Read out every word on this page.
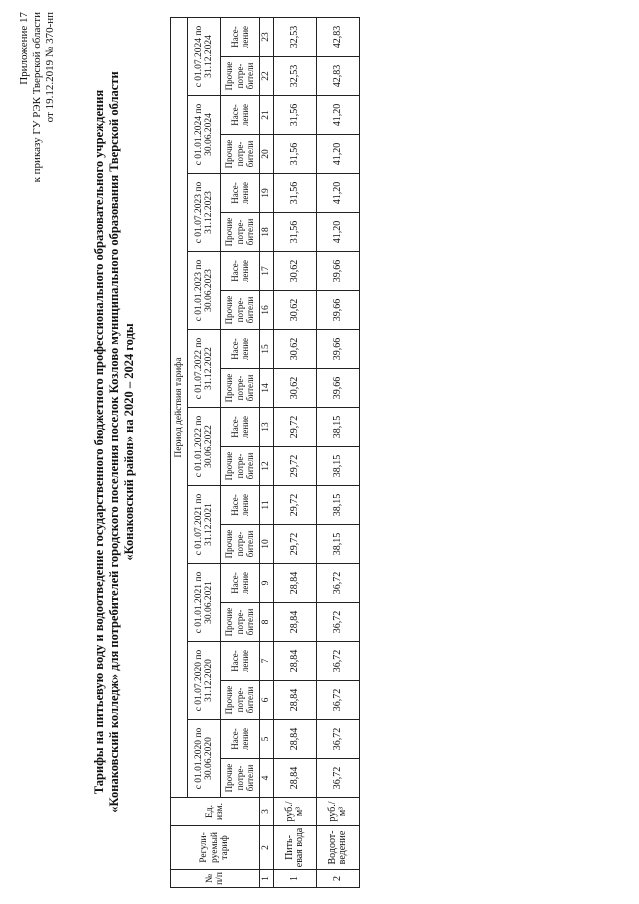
Приложение 17 к приказу ГУ РЭК Тверской области от 19.12.2019 № 370-нп
Тарифы на питьевую воду и водоотведение государственного бюджетного профессионального образовательного учреждения «Конаковский колледж» для потребителей городского поселения поселок Козлово муниципального образования Тверской области «Конаковский район» на 2020 – 2024 годы
№ п/п	Регули-руемый тариф	Ед. изм.	Период действия тарифа																			
			с 01.01.2020 по 30.06.2020		с 01.07.2020 по 31.12.2020		с 01.01.2021 по 30.06.2021		с 01.07.2021 по 31.12.2021		с 01.01.2022 по 30.06.2022		с 01.07.2022 по 31.12.2022		с 01.01.2023 по 30.06.2023		с 01.07.2023 по 31.12.2023		с 01.01.2024 по 30.06.2024		с 01.07.2024 по 31.12.2024	
			Прочие потре-бители	Насе-ление	Прочие потре-бители	Насе-ление	Прочие потре-бители	Насе-ление	Прочие потре-бители	Насе-ление	Прочие потре-бители	Насе-ление	Прочие потре-бители	Насе-ление	Прочие потре-бители	Насе-ление	Прочие потре-бители	Насе-ление	Прочие потре-бители	Насе-ление	Прочие потре-бители	Насе-ление
1	2	3	4	5	6	7	8	9	10	11	12	13	14	15	16	17	18	19	20	21	22	23
1	Пить-евая вода	руб./м³	28,84	28,84	28,84	28,84	28,84	28,84	29,72	29,72	29,72	29,72	30,62	30,62	30,62	30,62	31,56	31,56	31,56	31,56	32,53	32,53
2	Водоот-ведение	руб./м³	36,72	36,72	36,72	36,72	36,72	36,72	38,15	38,15	38,15	38,15	39,66	39,66	39,66	39,66	41,20	41,20	41,20	41,20	42,83	42,83
